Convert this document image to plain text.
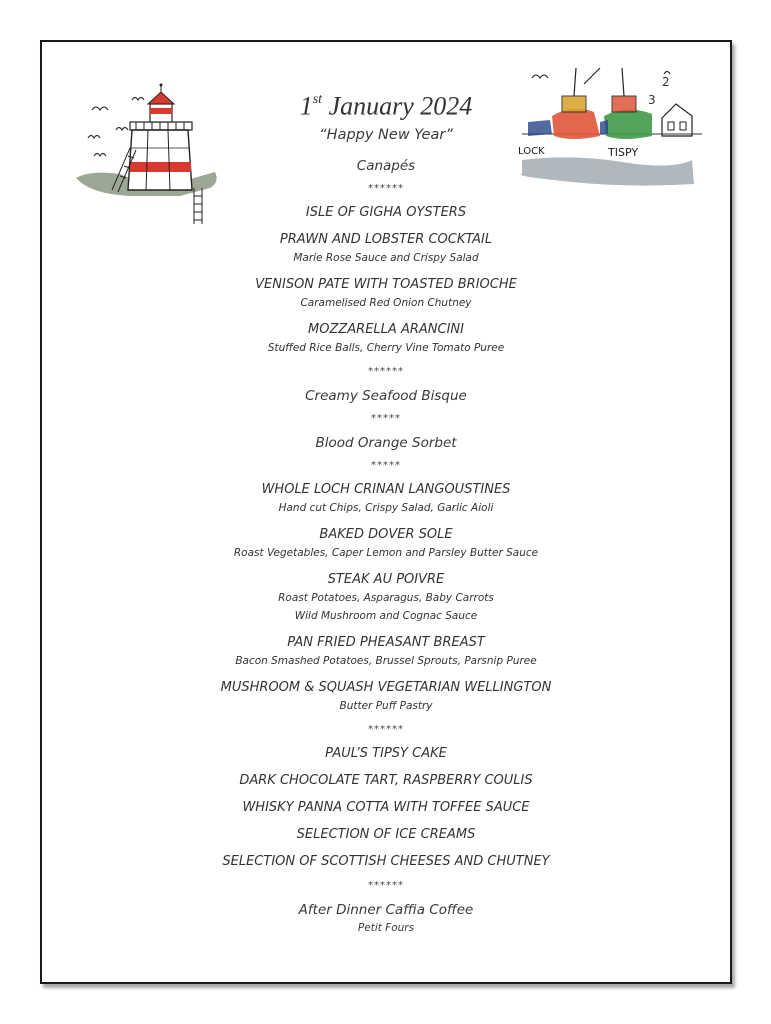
2
3
LOCK	TISPY
1st January 2024
“Happy New Year”
Canapés
******
ISLE OF GIGHA OYSTERS
PRAWN AND LOBSTER COCKTAIL
Marie Rose Sauce and Crispy Salad
VENISON PATE WITH TOASTED BRIOCHE
Caramelised Red Onion Chutney
MOZZARELLA ARANCINI
Stuffed Rice Balls, Cherry Vine Tomato Puree
******
Creamy Seafood Bisque
*****
Blood Orange Sorbet
*****
WHOLE LOCH CRINAN LANGOUSTINES
Hand cut Chips, Crispy Salad, Garlic Aioli
BAKED DOVER SOLE
Roast Vegetables, Caper Lemon and Parsley Butter Sauce
STEAK AU POIVRE
Roast Potatoes, Asparagus, Baby Carrots
Wild Mushroom and Cognac Sauce
PAN FRIED PHEASANT BREAST
Bacon Smashed Potatoes, Brussel Sprouts, Parsnip Puree
MUSHROOM & SQUASH VEGETARIAN WELLINGTON
Butter Puff Pastry
******
PAUL’S TIPSY CAKE
DARK CHOCOLATE TART, RASPBERRY COULIS
WHISKY PANNA COTTA WITH TOFFEE SAUCE
SELECTION OF ICE CREAMS
SELECTION OF SCOTTISH CHEESES AND CHUTNEY
******
After Dinner Caffia Coffee
Petit Fours
